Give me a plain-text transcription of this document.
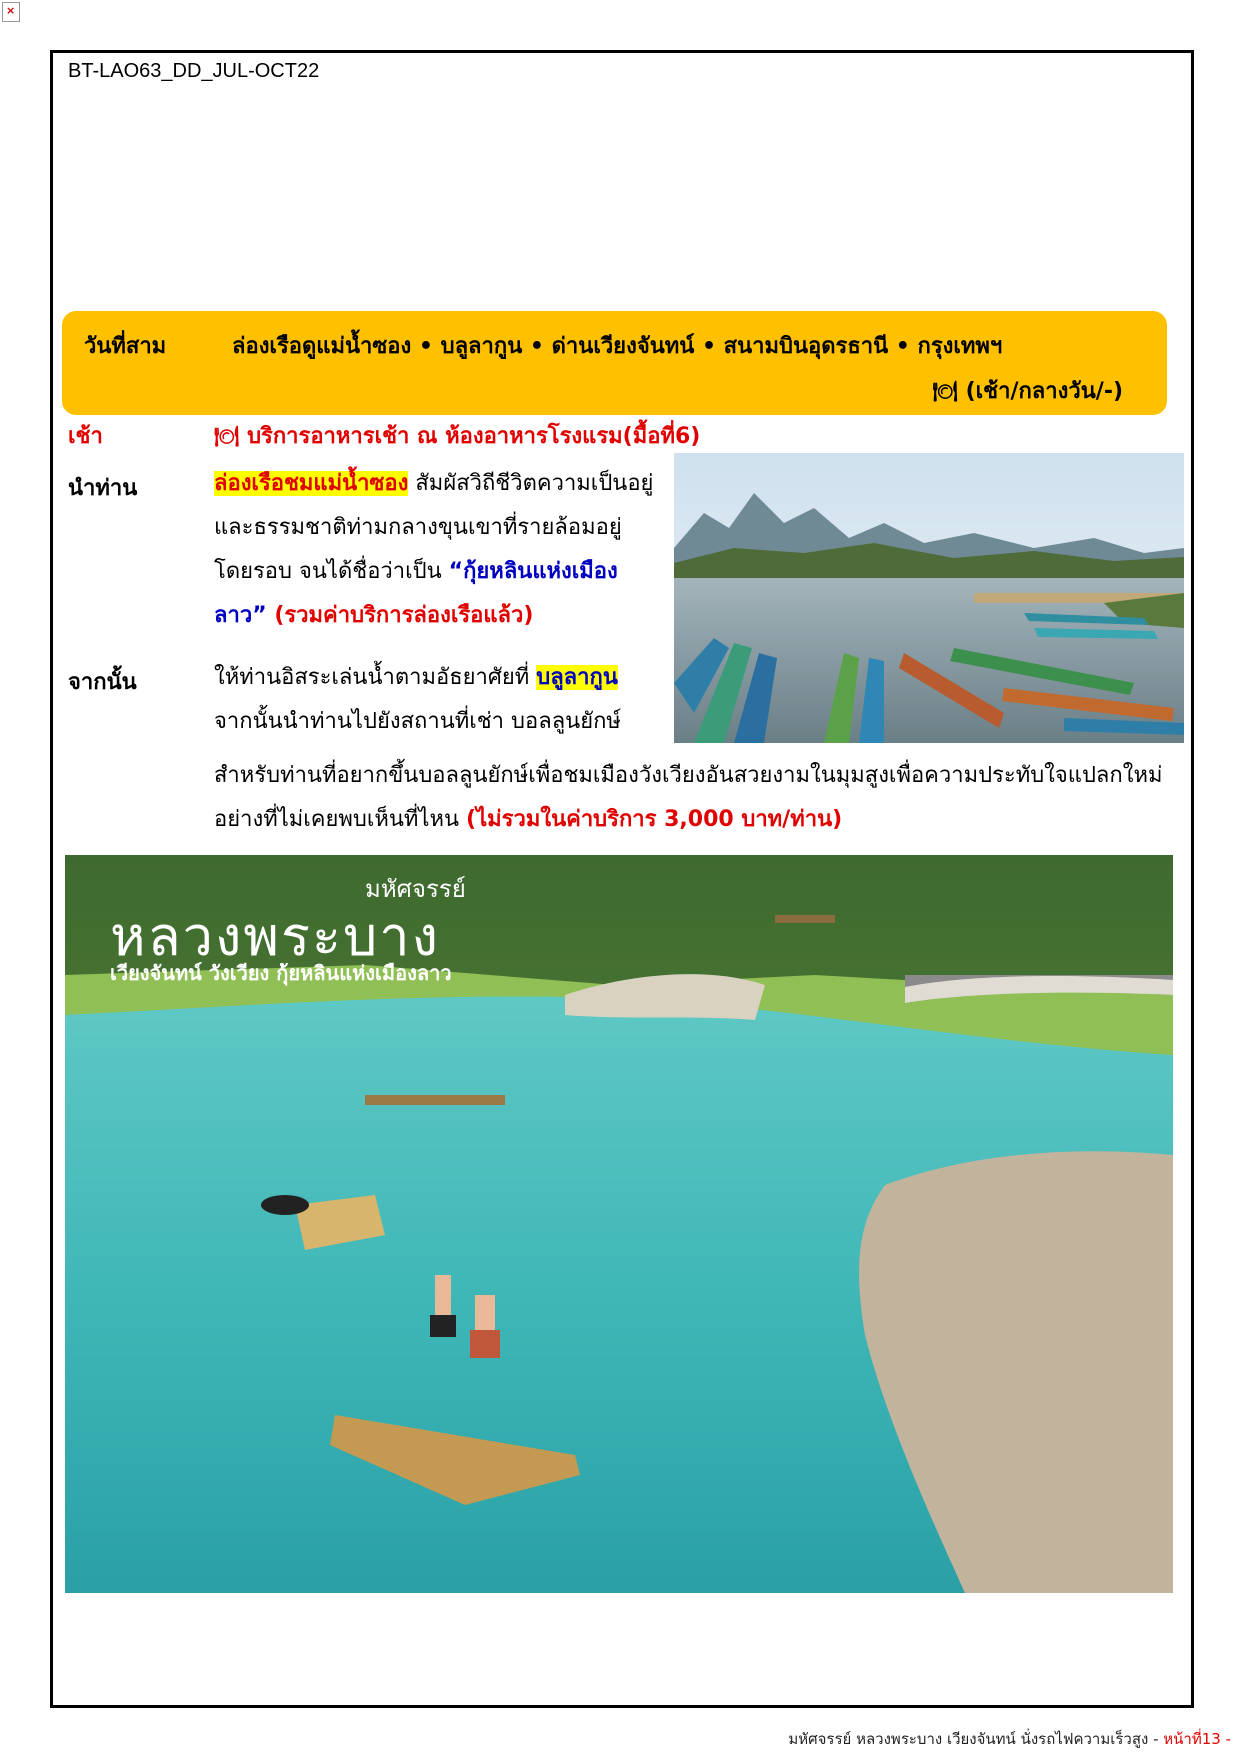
×
BT-LAO63_DD_JUL-OCT22
วันที่สาม	ล่องเรือดูแม่น้ำซอง • บลูลากูน • ด่านเวียงจันทน์ • สนามบินอุดรธานี • กรุงเทพฯ
🍽 (เช้า/กลางวัน/-)
เช้า	🍽 บริการอาหารเช้า ณ ห้องอาหารโรงแรม(มื้อที่6)
นำท่าน	ล่องเรือชมแม่น้ำซอง สัมผัสวิถีชีวิตความเป็นอยู่และธรรมชาติท่ามกลางขุนเขาที่รายล้อมอยู่โดยรอบ จนได้ชื่อว่าเป็น “กุ้ยหลินแห่งเมืองลาว” (รวมค่าบริการล่องเรือแล้ว)
จากนั้น	ให้ท่านอิสระเล่นน้ำตามอัธยาศัยที่ บลูลากูน จากนั้นนำท่านไปยังสถานที่เช่า บอลลูนยักษ์
สำหรับท่านที่อยากขึ้นบอลลูนยักษ์เพื่อชมเมืองวังเวียงอันสวยงามในมุมสูงเพื่อความประทับใจแปลกใหม่อย่างที่ไม่เคยพบเห็นที่ไหน (ไม่รวมในค่าบริการ 3,000 บาท/ท่าน)
มหัศจรรย์
หลวงพระบาง
เวียงจันทน์ วังเวียง กุ้ยหลินแห่งเมืองลาว
มหัศจรรย์ หลวงพระบาง เวียงจันทน์ นั่งรถไฟความเร็วสูง - หน้าที่13 -
